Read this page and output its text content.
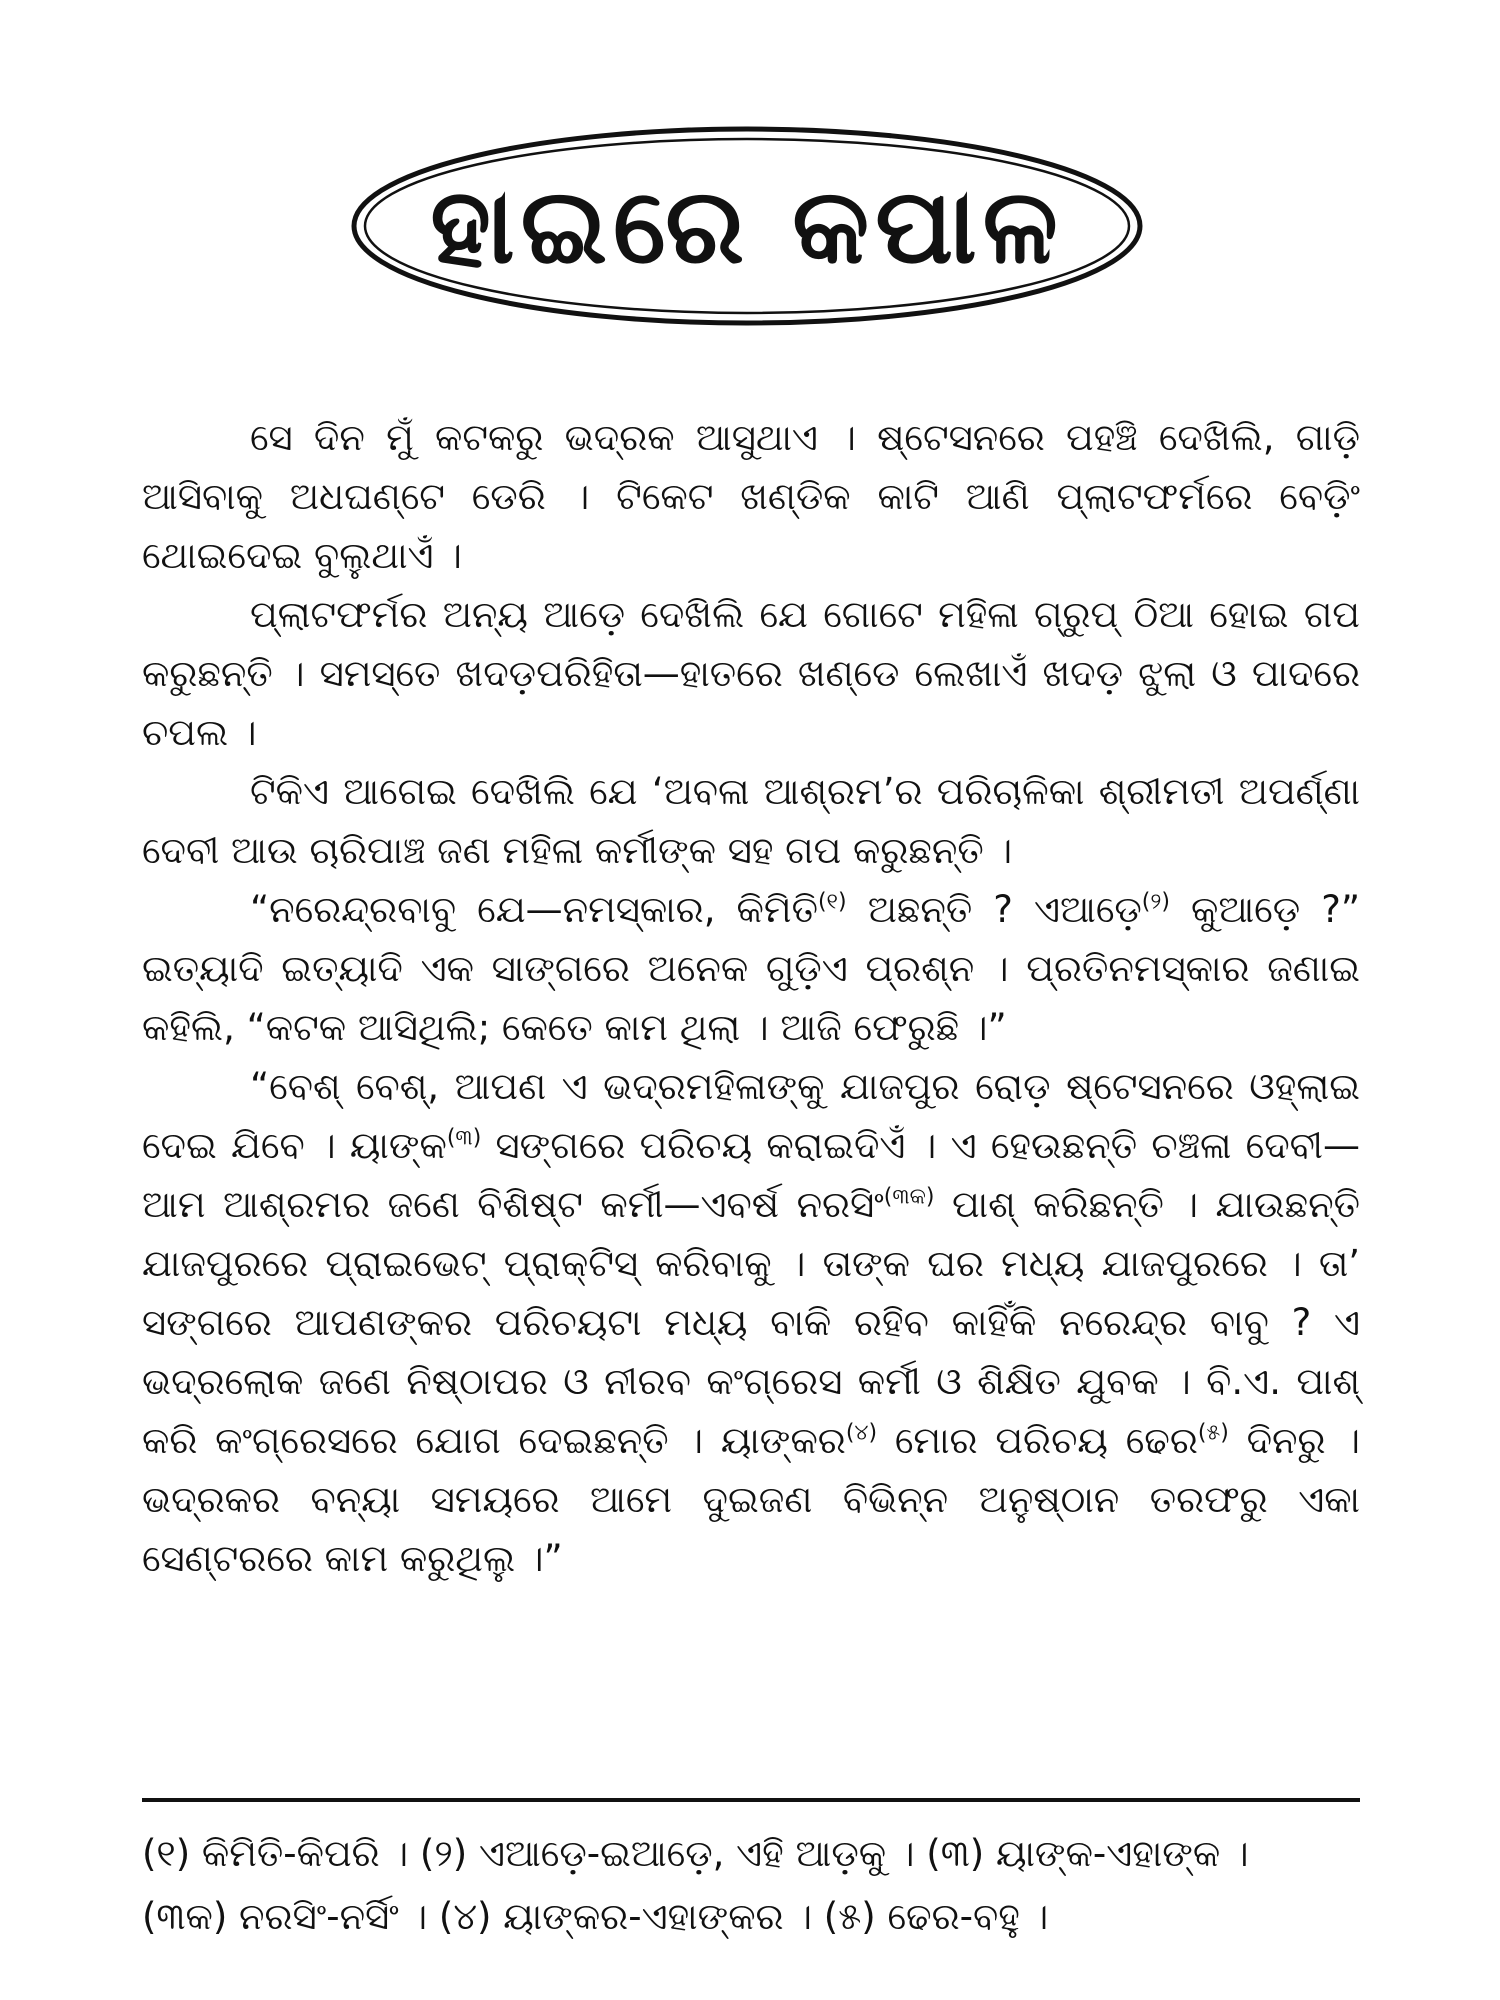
ହାଇରେ କପାଳ

ସେ ଦିନ ମୁଁ କଟକରୁ ଭଦ୍ରକ ଆସୁଥାଏ । ଷ୍ଟେସନରେ ପହଞ୍ଚି ଦେଖିଲି, ଗାଡ଼ି ଆସିବାକୁ ଅଧଘଣ୍ଟେ ଡେରି । ଟିକେଟ ଖଣ୍ଡିକ କାଟି ଆଣି ପ୍ଲାଟଫର୍ମରେ ବେଡ଼ିଂ ଥୋଇଦେଇ ବୁଲୁଥାଏଁ ।

ପ୍ଲାଟଫର୍ମର ଅନ୍ୟ ଆଡ଼େ ଦେଖିଲି ଯେ ଗୋଟେ ମହିଳା ଗ୍ରୁପ୍ ଠିଆ ହୋଇ ଗପ କରୁଛନ୍ତି । ସମସ୍ତେ ଖଦଡ଼ପରିହିତା—ହାତରେ ଖଣ୍ଡେ ଲେଖାଏଁ ଖଦଡ଼ ଝୁଲା ଓ ପାଦରେ ଚପଲ ।

ଟିକିଏ ଆଗେଇ ଦେଖିଲି ଯେ ‘ଅବଳା ଆଶ୍ରମ’ର ପରିଚାଳିକା ଶ୍ରୀମତୀ ଅପର୍ଣ୍ଣା ଦେବୀ ଆଉ ଚାରିପାଞ୍ଚ ଜଣ ମହିଳା କର୍ମୀଙ୍କ ସହ ଗପ କରୁଛନ୍ତି ।

“ନରେନ୍ଦ୍ରବାବୁ ଯେ—ନମସ୍କାର, କିମିତି$^{(୧)}$ ଅଛନ୍ତି ? ଏଆଡ଼େ$^{(୨)}$ କୁଆଡ଼େ ?” ଇତ୍ୟାଦି ଇତ୍ୟାଦି ଏକ ସାଙ୍ଗରେ ଅନେକ ଗୁଡ଼ିଏ ପ୍ରଶ୍ନ । ପ୍ରତିନମସ୍କାର ଜଣାଇ କହିଲି, “କଟକ ଆସିଥିଲି; କେତେ କାମ ଥିଲା । ଆଜି ଫେରୁଛି ।”

“ବେଶ୍ ବେଶ୍, ଆପଣ ଏ ଭଦ୍ରମହିଳାଙ୍କୁ ଯାଜପୁର ରୋଡ଼ ଷ୍ଟେସନରେ ଓହ୍ଲାଇ ଦେଇ ଯିବେ । ୟାଙ୍କ$^{(୩)}$ ସଙ୍ଗରେ ପରିଚୟ କରାଇଦିଏଁ । ଏ ହେଉଛନ୍ତି ଚଞ୍ଚଳା ଦେବୀ—ଆମ ଆଶ୍ରମର ଜଣେ ବିଶିଷ୍ଟ କର୍ମୀ—ଏବର୍ଷ ନରସିଂ$^{(୩କ)}$ ପାଶ୍ କରିଛନ୍ତି । ଯାଉଛନ୍ତି ଯାଜପୁରରେ ପ୍ରାଇଭେଟ୍ ପ୍ରାକ୍‌ଟିସ୍ କରିବାକୁ । ତାଙ୍କ ଘର ମଧ୍ୟ ଯାଜପୁରରେ । ତା’ ସଙ୍ଗରେ ଆପଣଙ୍କର ପରିଚୟଟା ମଧ୍ୟ ବାକି ରହିବ କାହିଁକି ନରେନ୍ଦ୍ର ବାବୁ ? ଏ ଭଦ୍ରଲୋକ ଜଣେ ନିଷ୍ଠାପର ଓ ନୀରବ କଂଗ୍ରେସ କର୍ମୀ ଓ ଶିକ୍ଷିତ ଯୁବକ । ବି.ଏ. ପାଶ୍ କରି କଂଗ୍ରେସରେ ଯୋଗ ଦେଇଛନ୍ତି । ୟାଙ୍କର$^{(୪)}$ ମୋର ପରିଚୟ ଢେର$^{(୫)}$ ଦିନରୁ । ଭଦ୍ରକର ବନ୍ୟା ସମୟରେ ଆମେ ଦୁଇଜଣ ବିଭିନ୍ନ ଅନୁଷ୍ଠାନ ତରଫରୁ ଏକା ସେଣ୍ଟରରେ କାମ କରୁଥିଲୁ ।”

(୧) କିମିତି-କିପରି । (୨) ଏଆଡ଼େ-ଇଆଡ଼େ, ଏହି ଆଡ଼କୁ । (୩) ୟାଙ୍କ-ଏହାଙ୍କ ।

(୩କ) ନରସିଂ-ନର୍ସିଂ । (୪) ୟାଙ୍କର-ଏହାଙ୍କର । (୫) ଢେର-ବହୁ ।
